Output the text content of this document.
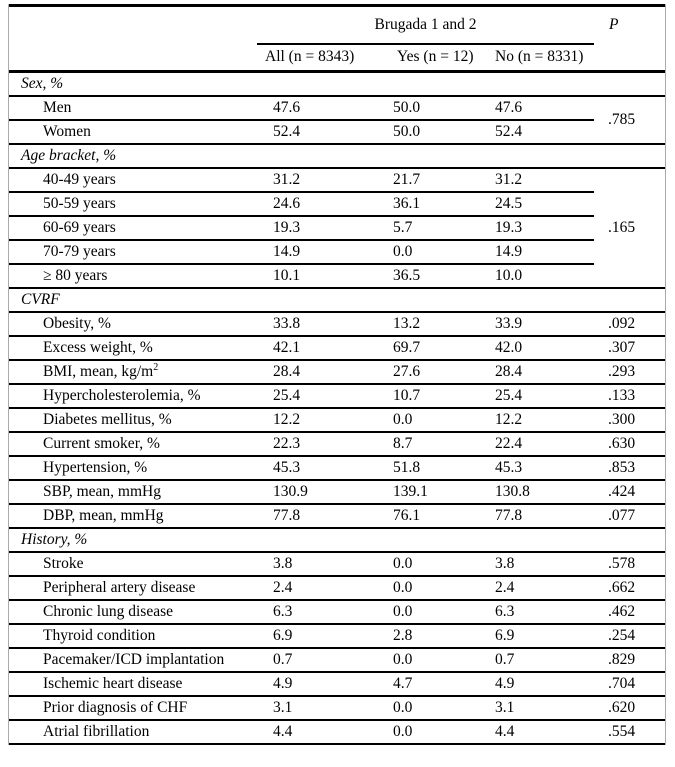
	Brugada 1 and 2			P
	All (n = 8343)	Yes (n = 12)	No (n = 8331)	
Sex, %				
Men	47.6	50.0	47.6	.785
Women	52.4	50.0	52.4	
Age bracket, %				
40-49 years	31.2	21.7	31.2	.165
50-59 years	24.6	36.1	24.5	
60-69 years	19.3	5.7	19.3	
70-79 years	14.9	0.0	14.9	
≥ 80 years	10.1	36.5	10.0	
CVRF				
Obesity, %	33.8	13.2	33.9	.092
Excess weight, %	42.1	69.7	42.0	.307
BMI, mean, $kg/m^2$	28.4	27.6	28.4	.293
Hypercholesterolemia, %	25.4	10.7	25.4	.133
Diabetes mellitus, %	12.2	0.0	12.2	.300
Current smoker, %	22.3	8.7	22.4	.630
Hypertension, %	45.3	51.8	45.3	.853
SBP, mean, mmHg	130.9	139.1	130.8	.424
DBP, mean, mmHg	77.8	76.1	77.8	.077
History, %				
Stroke	3.8	0.0	3.8	.578
Peripheral artery disease	2.4	0.0	2.4	.662
Chronic lung disease	6.3	0.0	6.3	.462
Thyroid condition	6.9	2.8	6.9	.254
Pacemaker/ICD implantation	0.7	0.0	0.7	.829
Ischemic heart disease	4.9	4.7	4.9	.704
Prior diagnosis of CHF	3.1	0.0	3.1	.620
Atrial fibrillation	4.4	0.0	4.4	.554
